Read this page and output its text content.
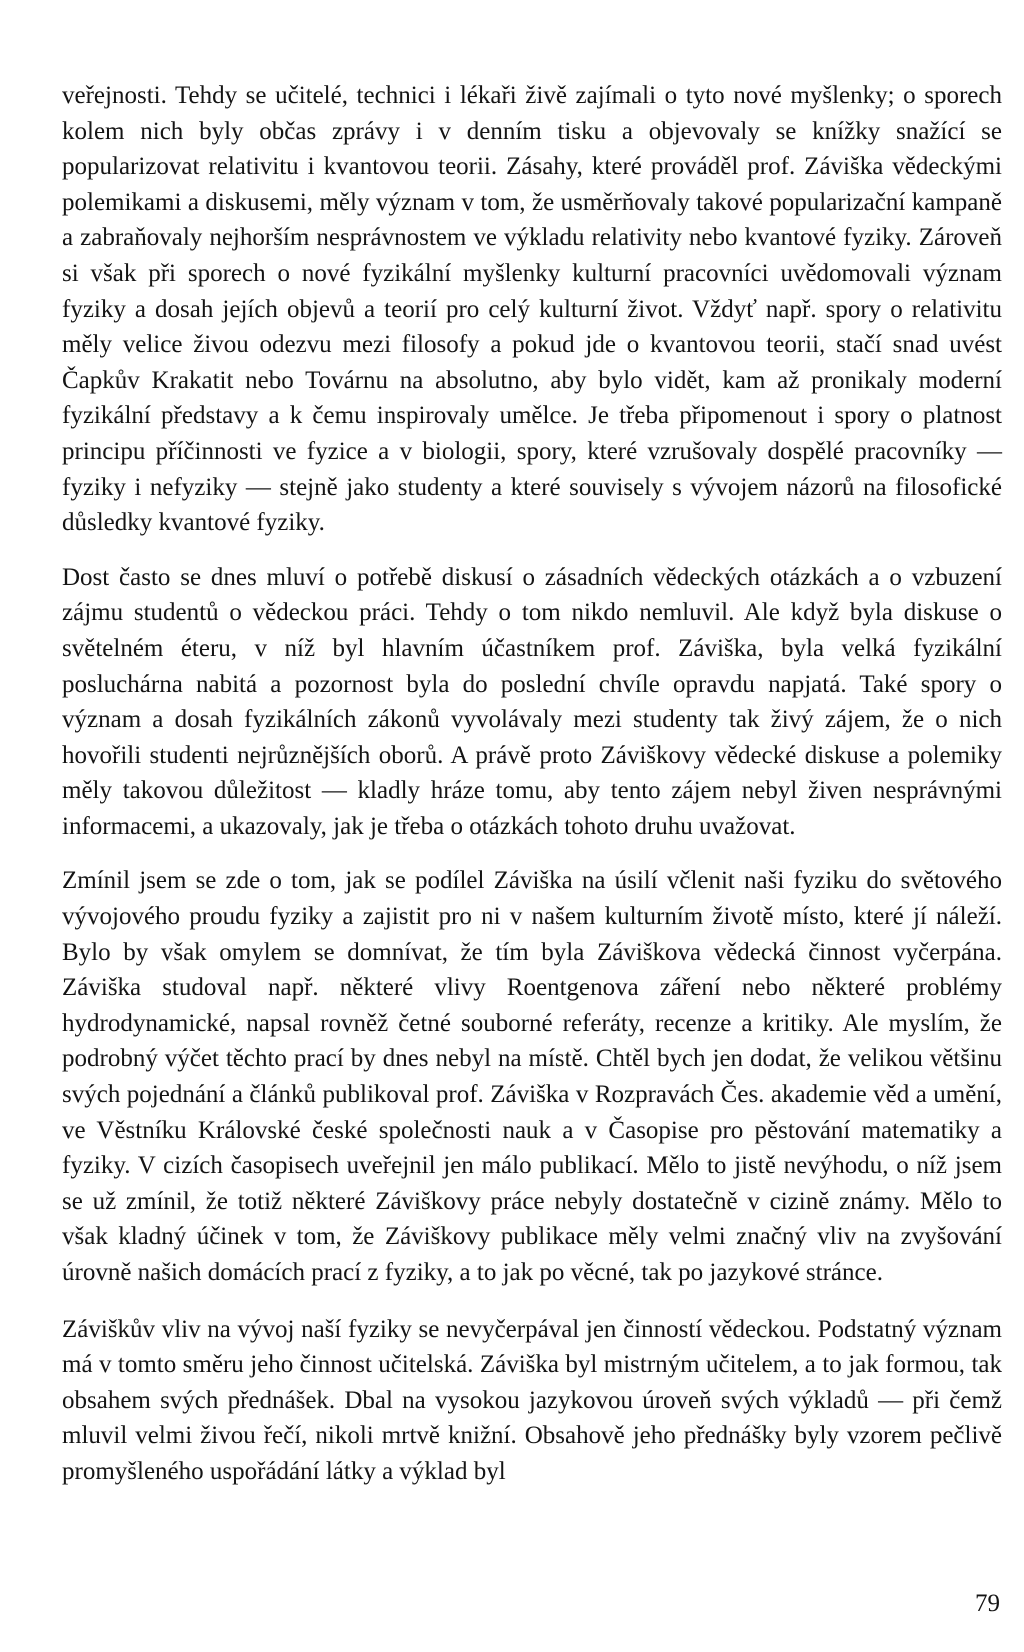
veřejnosti. Tehdy se učitelé, technici i lékaři živě zajímali o tyto nové myšlenky; o sporech kolem nich byly občas zprávy i v denním tisku a objevovaly se knížky snažící se popularizovat relativitu i kvantovou teorii. Zásahy, které prováděl prof. Záviška vědeckými polemikami a diskusemi, měly význam v tom, že usměrňovaly takové popularizační kampaně a zabraňovaly nejhorším nesprávnostem ve výkladu relativity nebo kvantové fyziky. Zároveň si však při sporech o nové fyzikální myšlenky kulturní pracovníci uvědomovali význam fyziky a dosah jejích objevů a teorií pro celý kulturní život. Vždyť např. spory o relativitu měly velice živou odezvu mezi filosofy a pokud jde o kvantovou teorii, stačí snad uvést Čapkův Krakatit nebo Továrnu na absolutno, aby bylo vidět, kam až pronikaly moderní fyzikální představy a k čemu inspirovaly umělce. Je třeba připomenout i spory o platnost principu příčinnosti ve fyzice a v biologii, spory, které vzrušovaly dospělé pracovníky — fyziky i nefyziky — stejně jako studenty a které souvisely s vývojem názorů na filosofické důsledky kvantové fyziky.

Dost často se dnes mluví o potřebě diskusí o zásadních vědeckých otázkách a o vzbuzení zájmu studentů o vědeckou práci. Tehdy o tom nikdo nemluvil. Ale když byla diskuse o světelném éteru, v níž byl hlavním účastníkem prof. Záviška, byla velká fyzikální posluchárna nabitá a pozornost byla do poslední chvíle opravdu napjatá. Také spory o význam a dosah fyzikálních zákonů vyvolávaly mezi studenty tak živý zájem, že o nich hovořili studenti nejrůznějších oborů. A právě proto Záviškovy vědecké diskuse a polemiky měly takovou důležitost — kladly hráze tomu, aby tento zájem nebyl živen nesprávnými informacemi, a ukazovaly, jak je třeba o otázkách tohoto druhu uvažovat.

Zmínil jsem se zde o tom, jak se podílel Záviška na úsilí včlenit naši fyziku do světového vývojového proudu fyziky a zajistit pro ni v našem kulturním životě místo, které jí náleží. Bylo by však omylem se domnívat, že tím byla Záviškova vědecká činnost vyčerpána. Záviška studoval např. některé vlivy Roentgenova záření nebo některé problémy hydrodynamické, napsal rovněž četné souborné referáty, recenze a kritiky. Ale myslím, že podrobný výčet těchto prací by dnes nebyl na místě. Chtěl bych jen dodat, že velikou většinu svých pojednání a článků publikoval prof. Záviška v Rozpravách Čes. akademie věd a umění, ve Věstníku Královské české společnosti nauk a v Časopise pro pěstování matematiky a fyziky. V cizích časopisech uveřejnil jen málo publikací. Mělo to jistě nevýhodu, o níž jsem se už zmínil, že totiž některé Záviškovy práce nebyly dostatečně v cizině známy. Mělo to však kladný účinek v tom, že Záviškovy publikace měly velmi značný vliv na zvyšování úrovně našich domácích prací z fyziky, a to jak po věcné, tak po jazykové stránce.

Záviškův vliv na vývoj naší fyziky se nevyčerpával jen činností vědeckou. Podstatný význam má v tomto směru jeho činnost učitelská. Záviška byl mistrným učitelem, a to jak formou, tak obsahem svých přednášek. Dbal na vysokou jazykovou úroveň svých výkladů — při čemž mluvil velmi živou řečí, nikoli mrtvě knižní. Obsahově jeho přednášky byly vzorem pečlivě promyšleného uspořádání látky a výklad byl

79
